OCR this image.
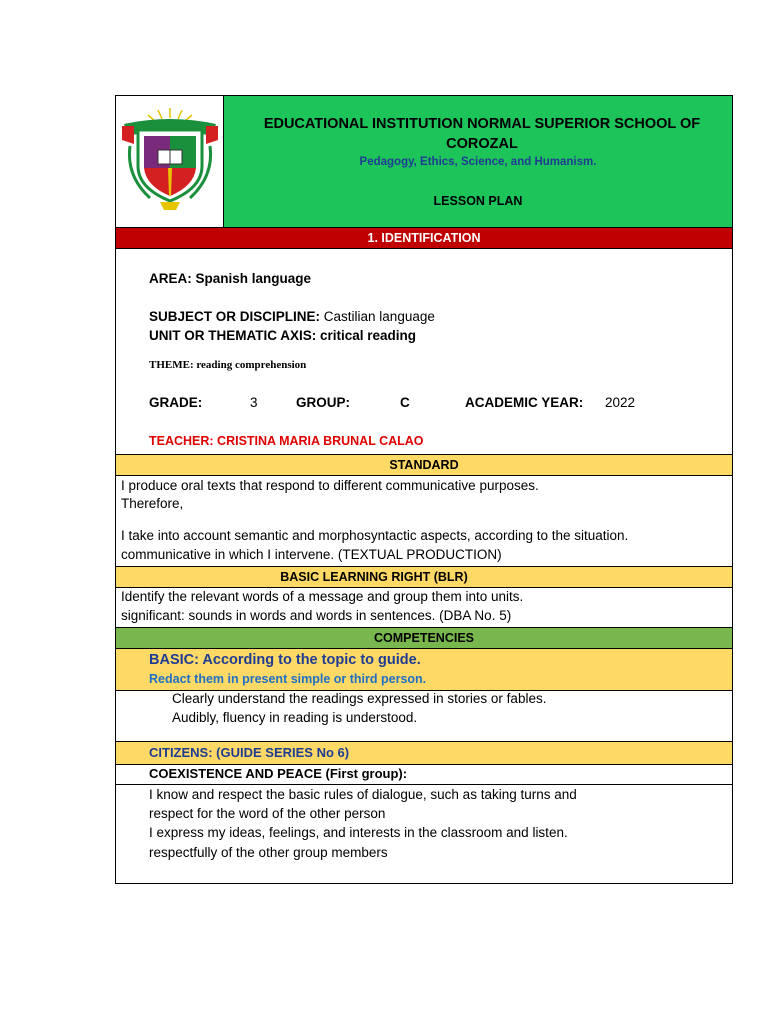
EDUCATIONAL INSTITUTION NORMAL SUPERIOR SCHOOL OF COROZAL
Pedagogy, Ethics, Science, and Humanism.
LESSON PLAN
1. IDENTIFICATION
AREA: Spanish language
SUBJECT OR DISCIPLINE: Castilian language
UNIT OR THEMATIC AXIS: critical reading
THEME: reading comprehension
GRADE:	3	GROUP:	C	ACADEMIC YEAR: 2022
TEACHER: CRISTINA MARIA BRUNAL CALAO
STANDARD
I produce oral texts that respond to different communicative purposes.
Therefore,
I take into account semantic and morphosyntactic aspects, according to the situation.
communicative in which I intervene. (TEXTUAL PRODUCTION)
BASIC LEARNING RIGHT (BLR)
Identify the relevant words of a message and group them into units.
significant: sounds in words and words in sentences. (DBA No. 5)
COMPETENCIES
BASIC: According to the topic to guide.
Redact them in present simple or third person.
Clearly understand the readings expressed in stories or fables.
Audibly, fluency in reading is understood.
CITIZENS: (GUIDE SERIES No 6)
COEXISTENCE AND PEACE (First group):
I know and respect the basic rules of dialogue, such as taking turns and
respect for the word of the other person
I express my ideas, feelings, and interests in the classroom and listen.
respectfully of the other group members
